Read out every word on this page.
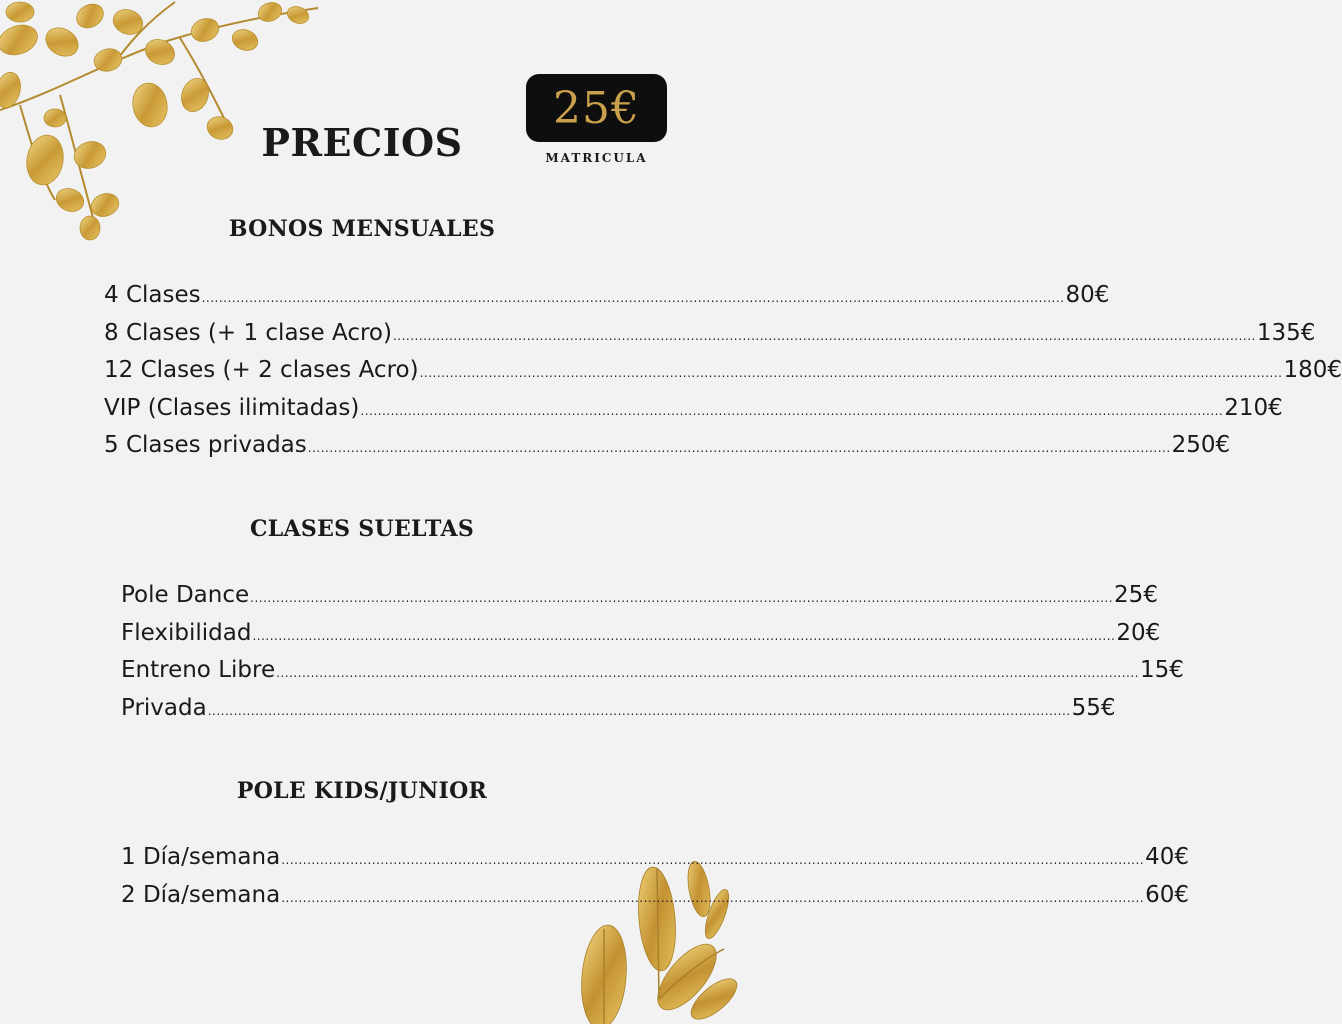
PRECIOS
25€
MATRICULA
BONOS MENSUALES
4 Clases ........................................................................................................................................................................................................ 80€
8 Clases (+ 1 clase Acro) ........................................................................................................................................................................................................ 135€
12 Clases (+ 2 clases Acro) ........................................................................................................................................................................................................ 180€
VIP (Clases ilimitadas) ........................................................................................................................................................................................................ 210€
5 Clases privadas ........................................................................................................................................................................................................ 250€
CLASES SUELTAS
Pole Dance ........................................................................................................................................................................................................ 25€
Flexibilidad ........................................................................................................................................................................................................ 20€
Entreno Libre ........................................................................................................................................................................................................ 15€
Privada ........................................................................................................................................................................................................ 55€
POLE KIDS/JUNIOR
1 Día/semana ........................................................................................................................................................................................................ 40€
2 Día/semana ........................................................................................................................................................................................................ 60€
